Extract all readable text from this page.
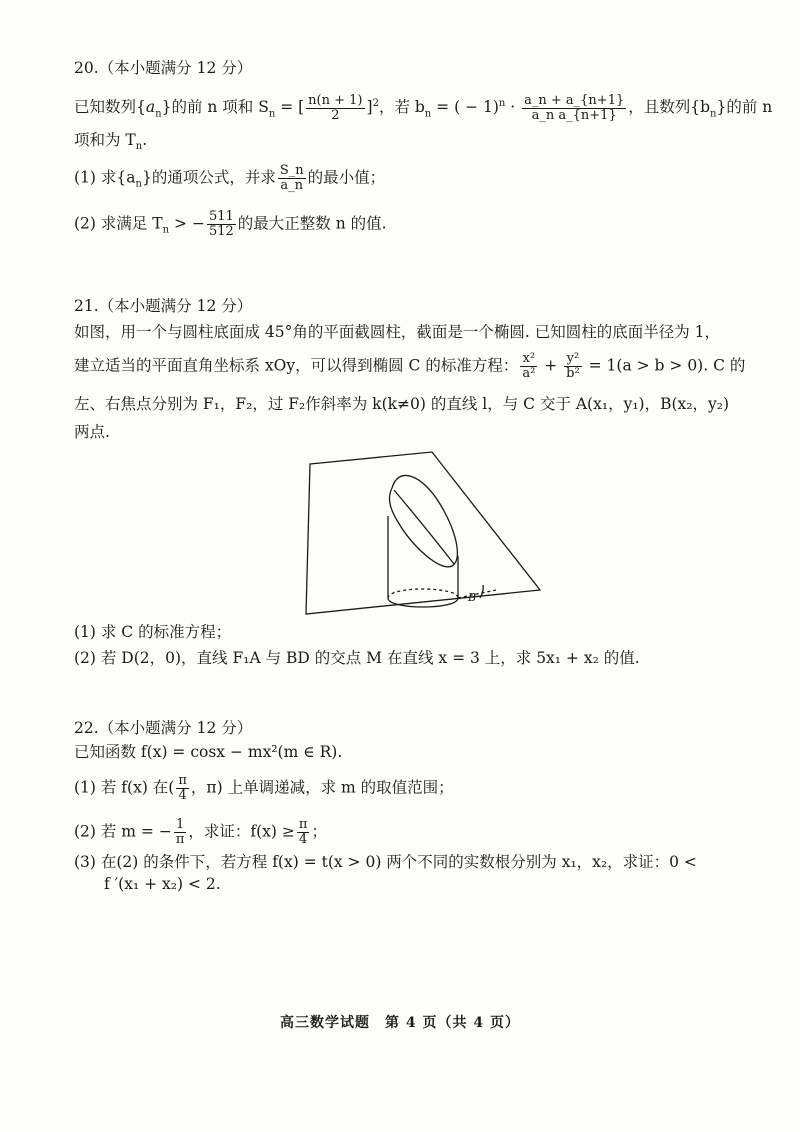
20.（本小题满分 12 分）
已知数列$\{a_n\}$的前 n 项和 $S_n$ = [ $\frac{n(n + 1)}{2} ]^2$，若 $b_n$ = ( − $1)^n \cdot \frac{a\_n + a\_\{n+1\}}{\text{a\_n a\_\{n+1\}}}$ ，且数列$\{b_n\}$的前 n
项和为 $T_n$.
(1) 求$\{a_n\}$的通项公式，并求 $\frac{S\_n}{a\_n}$ 的最小值；
(2) 求满足 $T_n$ > − $\frac{511}{512}$ 的最大正整数 n 的值.
21.（本小题满分 12 分）
如图，用一个与圆柱底面成 45°角的平面截圆柱，截面是一个椭圆. 已知圆柱的底面半径为 1，
建立适当的平面直角坐标系 xOy，可以得到椭圆 C 的标准方程： $\frac{\text{x²}}{\text{a²}} + \frac{\text{y²}}{\text{b²}} = 1(a > b > 0)$. C 的
左、右焦点分别为 F₁，F₂，过 F₂作斜率为 k(k≠0) 的直线 l，与 C 交于 A(x₁，y₁)，B(x₂，y₂)
两点.
(1) 求 C 的标准方程；
(2) 若 D(2，0)，直线 F₁A 与 BD 的交点 M 在直线 x = 3 上，求 5x₁ + x₂ 的值.
B
22.（本小题满分 12 分）
已知函数 f(x) = cosx − mx²(m ∈ R).
(1) 若 f(x) 在( $\frac{\pi}{4}$ ，π) 上单调递减，求 m 的取值范围；
(2) 若 m = − $\frac{1}{\pi}$ ，求证：$f(x) \ge \frac{\pi}{4}$ ；
(3) 在(2) 的条件下，若方程 f(x) = t(x > 0) 两个不同的实数根分别为 x₁，x₂，求证：0 <
f ′(x₁ + x₂) < 2.
高三数学试题　第 4 页（共 4 页）
